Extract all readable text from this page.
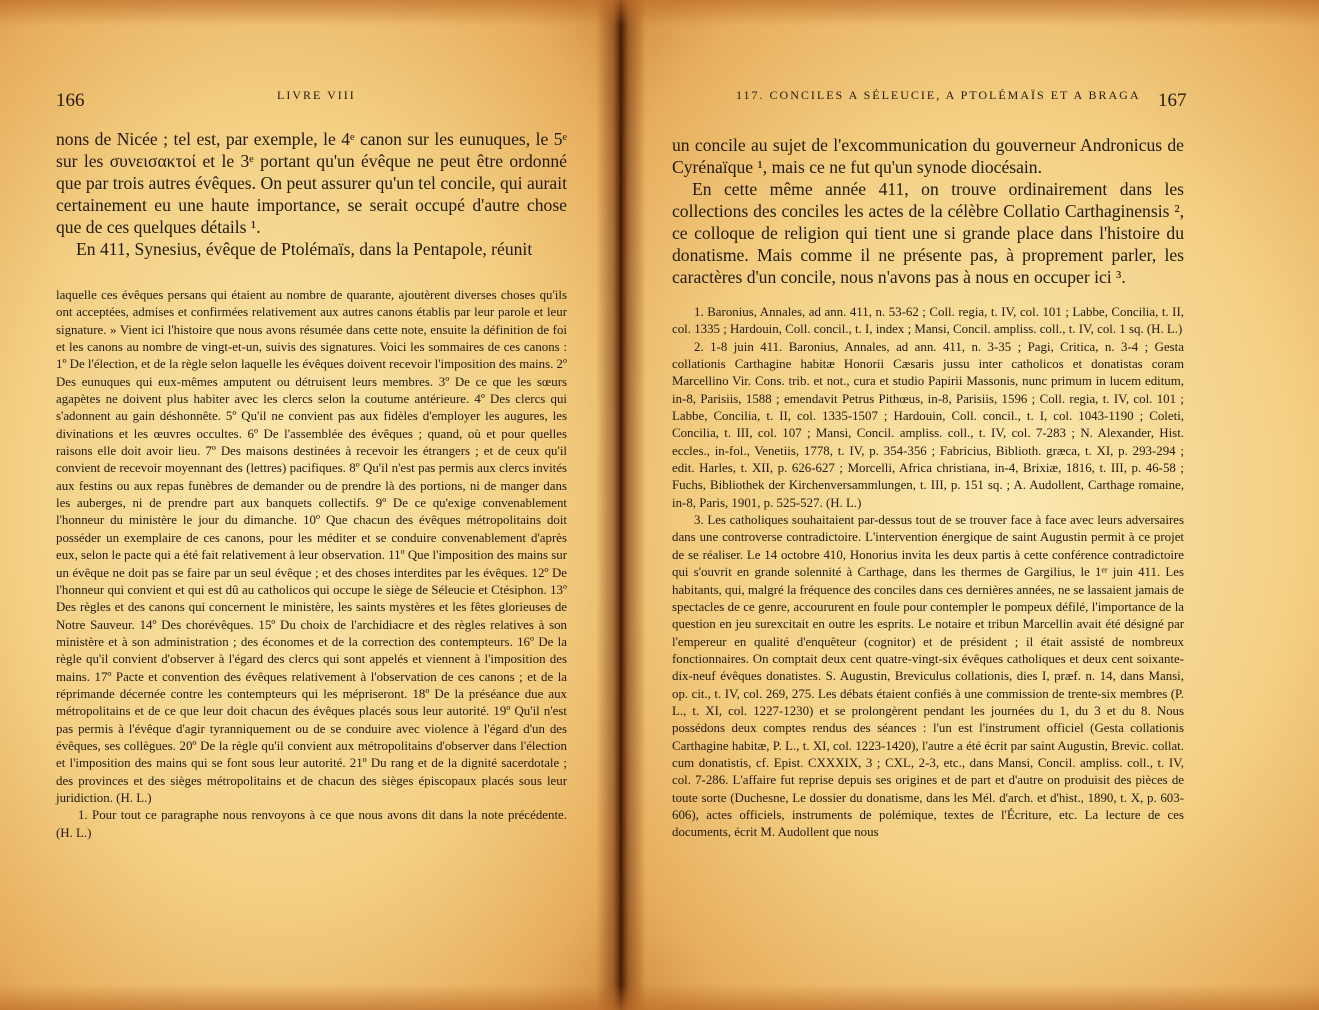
166	LIVRE VIII

nons de Nicée ; tel est, par exemple, le 4ᵉ canon sur les eunuques, le 5ᵉ sur les συνεισακτοί et le 3ᵉ portant qu'un évêque ne peut être ordonné que par trois autres évêques. On peut assurer qu'un tel concile, qui aurait certainement eu une haute importance, se serait occupé d'autre chose que de ces quelques détails ¹.

En 411, Synesius, évêque de Ptolémaïs, dans la Pentapole, réunit

laquelle ces évêques persans qui étaient au nombre de quarante, ajoutèrent diverses choses qu'ils ont acceptées, admises et confirmées relativement aux autres canons établis par leur parole et leur signature. » Vient ici l'histoire que nous avons résumée dans cette note, ensuite la définition de foi et les canons au nombre de vingt-et-un, suivis des signatures. Voici les sommaires de ces canons : 1º De l'élection, et de la règle selon laquelle les évêques doivent recevoir l'imposition des mains. 2º Des eunuques qui eux-mêmes amputent ou détruisent leurs membres. 3º De ce que les sœurs agapètes ne doivent plus habiter avec les clercs selon la coutume antérieure. 4º Des clercs qui s'adonnent au gain déshonnête. 5º Qu'il ne convient pas aux fidèles d'employer les augures, les divinations et les œuvres occultes. 6º De l'assemblée des évêques ; quand, où et pour quelles raisons elle doit avoir lieu. 7º Des maisons destinées à recevoir les étrangers ; et de ceux qu'il convient de recevoir moyennant des (lettres) pacifiques. 8º Qu'il n'est pas permis aux clercs invités aux festins ou aux repas funèbres de demander ou de prendre là des portions, ni de manger dans les auberges, ni de prendre part aux banquets collectifs. 9º De ce qu'exige convenablement l'honneur du ministère le jour du dimanche. 10º Que chacun des évêques métropolitains doit posséder un exemplaire de ces canons, pour les méditer et se conduire convenablement d'après eux, selon le pacte qui a été fait relativement à leur observation. 11º Que l'imposition des mains sur un évêque ne doit pas se faire par un seul évêque ; et des choses interdites par les évêques. 12º De l'honneur qui convient et qui est dû au catholicos qui occupe le siège de Séleucie et Ctésiphon. 13º Des règles et des canons qui concernent le ministère, les saints mystères et les fêtes glorieuses de Notre Sauveur. 14º Des chorévêques. 15º Du choix de l'archidiacre et des règles relatives à son ministère et à son administration ; des économes et de la correction des contempteurs. 16º De la règle qu'il convient d'observer à l'égard des clercs qui sont appelés et viennent à l'imposition des mains. 17º Pacte et convention des évêques relativement à l'observation de ces canons ; et de la réprimande décernée contre les contempteurs qui les mépriseront. 18º De la préséance due aux métropolitains et de ce que leur doit chacun des évêques placés sous leur autorité. 19º Qu'il n'est pas permis à l'évêque d'agir tyranniquement ou de se conduire avec violence à l'égard d'un des évêques, ses collègues. 20º De la règle qu'il convient aux métropolitains d'observer dans l'élection et l'imposition des mains qui se font sous leur autorité. 21º Du rang et de la dignité sacerdotale ; des provinces et des sièges métropolitains et de chacun des sièges épiscopaux placés sous leur juridiction. (H. L.)

1. Pour tout ce paragraphe nous renvoyons à ce que nous avons dit dans la note précédente. (H. L.)

117. CONCILES A SÉLEUCIE, A PTOLÉMAÏS ET A BRAGA 167

un concile au sujet de l'excommunication du gouverneur Andronicus de Cyrénaïque ¹, mais ce ne fut qu'un synode diocésain.

En cette même année 411, on trouve ordinairement dans les collections des conciles les actes de la célèbre Collatio Carthaginensis ², ce colloque de religion qui tient une si grande place dans l'histoire du donatisme. Mais comme il ne présente pas, à proprement parler, les caractères d'un concile, nous n'avons pas à nous en occuper ici ³.

1. Baronius, Annales, ad ann. 411, n. 53-62 ; Coll. regia, t. IV, col. 101 ; Labbe, Concilia, t. II, col. 1335 ; Hardouin, Coll. concil., t. I, index ; Mansi, Concil. ampliss. coll., t. IV, col. 1 sq. (H. L.)

2. 1-8 juin 411. Baronius, Annales, ad ann. 411, n. 3-35 ; Pagi, Critica, n. 3-4 ; Gesta collationis Carthagine habitæ Honorii Cæsaris jussu inter catholicos et donatistas coram Marcellino Vir. Cons. trib. et not., cura et studio Papirii Massonis, nunc primum in lucem editum, in-8, Parisiis, 1588 ; emendavit Petrus Pithœus, in-8, Parisiis, 1596 ; Coll. regia, t. IV, col. 101 ; Labbe, Concilia, t. II, col. 1335-1507 ; Hardouin, Coll. concil., t. I, col. 1043-1190 ; Coleti, Concilia, t. III, col. 107 ; Mansi, Concil. ampliss. coll., t. IV, col. 7-283 ; N. Alexander, Hist. eccles., in-fol., Venetiis, 1778, t. IV, p. 354-356 ; Fabricius, Biblioth. græca, t. XI, p. 293-294 ; edit. Harles, t. XII, p. 626-627 ; Morcelli, Africa christiana, in-4, Brixiæ, 1816, t. III, p. 46-58 ; Fuchs, Bibliothek der Kirchenversammlungen, t. III, p. 151 sq. ; A. Audollent, Carthage romaine, in-8, Paris, 1901, p. 525-527. (H. L.)

3. Les catholiques souhaitaient par-dessus tout de se trouver face à face avec leurs adversaires dans une controverse contradictoire. L'intervention énergique de saint Augustin permit à ce projet de se réaliser. Le 14 octobre 410, Honorius invita les deux partis à cette conférence contradictoire qui s'ouvrit en grande solennité à Carthage, dans les thermes de Gargilius, le 1ᵉʳ juin 411. Les habitants, qui, malgré la fréquence des conciles dans ces dernières années, ne se lassaient jamais de spectacles de ce genre, accoururent en foule pour contempler le pompeux défilé, l'importance de la question en jeu surexcitait en outre les esprits. Le notaire et tribun Marcellin avait été désigné par l'empereur en qualité d'enquêteur (cognitor) et de président ; il était assisté de nombreux fonctionnaires. On comptait deux cent quatre-vingt-six évêques catholiques et deux cent soixante-dix-neuf évêques donatistes. S. Augustin, Breviculus collationis, dies I, præf. n. 14, dans Mansi, op. cit., t. IV, col. 269, 275. Les débats étaient confiés à une commission de trente-six membres (P. L., t. XI, col. 1227-1230) et se prolongèrent pendant les journées du 1, du 3 et du 8. Nous possédons deux comptes rendus des séances : l'un est l'instrument officiel (Gesta collationis Carthagine habitæ, P. L., t. XI, col. 1223-1420), l'autre a été écrit par saint Augustin, Brevic. collat. cum donatistis, cf. Epist. CXXXIX, 3 ; CXL, 2-3, etc., dans Mansi, Concil. ampliss. coll., t. IV, col. 7-286. L'affaire fut reprise depuis ses origines et de part et d'autre on produisit des pièces de toute sorte (Duchesne, Le dossier du donatisme, dans les Mél. d'arch. et d'hist., 1890, t. X, p. 603-606), actes officiels, instruments de polémique, textes de l'Écriture, etc. La lecture de ces documents, écrit M. Audollent que nous
